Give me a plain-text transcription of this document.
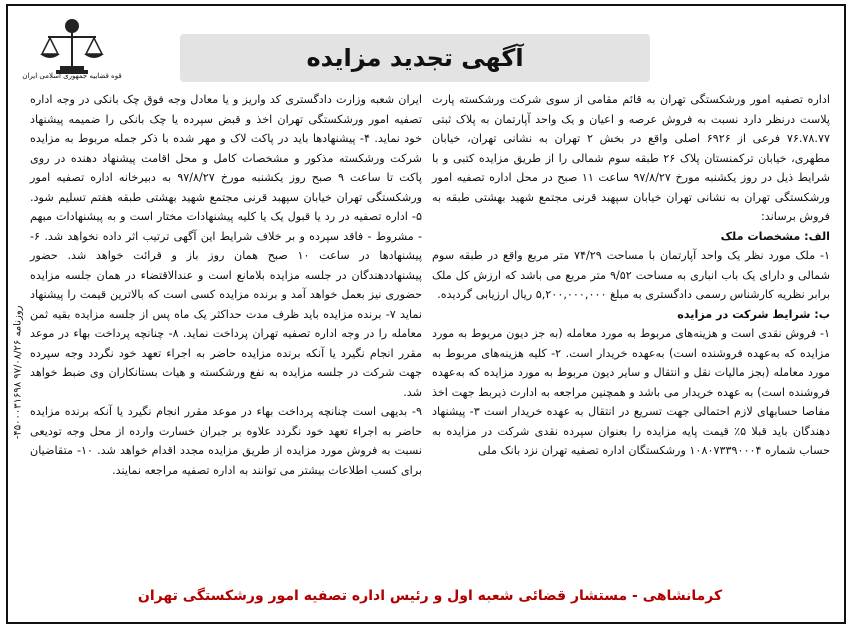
روزنامه ۹۷/۰۸/۲۶ ۴۵۰۰۰۳۱۶۹۸-
قوه قضاییه جمهوری اسلامی ایران
آگهی تجدید مزایده

اداره تصفیه امور ورشکستگی تهران به قائم مقامی از سوی شرکت ورشکسته پارت پلاست درنظر دارد نسبت به فروش عرصه و اعیان و یک واحد آپارتمان به پلاک ثبتی ۷۶.۷۸.۷۷ فرعی از ۶۹۲۶ اصلی واقع در بخش ۲ تهران به نشانی تهران، خیابان مطهری، خیابان ترکمنستان پلاک ۲۶ طبقه سوم شمالی را از طریق مزایده کتبی و با شرایط ذیل در روز یکشنبه مورخ ۹۷/۸/۲۷ ساعت ۱۱ صبح در محل اداره تصفیه امور ورشکستگی تهران به نشانی تهران خیابان سپهبد قرنی مجتمع شهید بهشتی طبقه به فروش برساند:

الف: مشخصات ملک

۱- ملک مورد نظر یک واحد آپارتمان با مساحت ۷۴/۲۹ متر مربع واقع در طبقه سوم شمالی و دارای یک باب انباری به مساحت ۹/۵۲ متر مربع می باشد که ارزش کل ملک برابر نظریه کارشناس رسمی دادگستری به مبلغ ۵,۲۰۰,۰۰۰,۰۰۰ ریال ارزیابی گردیده.

ب: شرایط شرکت در مزایده

۱- فروش نقدی است و هزینه‌های مربوط به مورد معامله (به جز دیون مربوط به مورد مزایده که به‌عهده فروشنده است) به‌عهده خریدار است. ۲- کلیه هزینه‌های مربوط به مورد معامله (بجز مالیات نقل و انتقال و سایر دیون مربوط به مورد مزایده که به‌عهده فروشنده است) به عهده خریدار می باشد و همچنین مراجعه به ادارت ذیربط جهت اخذ مفاصا حسابهای لازم احتمالی جهت تسریع در انتقال به عهده خریدار است ۳- پیشنهاد دهندگان باید قبلا ۵٪ قیمت پایه مزایده را بعنوان سپرده نقدی شرکت در مزایده به حساب شماره ۱۰۸۰۷۳۳۹۰۰۰۴ ورشکستگان اداره تصفیه تهران نزد بانک ملی

ایران شعبه وزارت دادگستری کد واریز و یا معادل وجه فوق چک بانکی در وجه اداره تصفیه امور ورشکستگی تهران اخذ و قبض سپرده یا چک بانکی را ضمیمه پیشنهاد خود نماید. ۴- پیشنهادها باید در پاکت لاک و مهر شده با ذکر جمله مربوط به مزایده شرکت ورشکسته مذکور و مشخصات کامل و محل اقامت پیشنهاد دهنده در روی پاکت تا ساعت ۹ صبح روز یکشنبه مورخ ۹۷/۸/۲۷ به دبیرخانه اداره تصفیه امور ورشکستگی تهران خیابان سپهبد قرنی مجتمع شهید بهشتی طبقه هفتم تسلیم شود. ۵- اداره تصفیه در رد یا قبول یک یا کلیه پیشنهادات مختار است و به پیشنهادات مبهم - مشروط - فاقد سپرده و بر خلاف شرایط این آگهی ترتیب اثر داده نخواهد شد. ۶- پیشنهادها در ساعت ۱۰ صبح همان روز باز و قرائت خواهد شد. حضور پیشنهاددهندگان در جلسه مزایده بلامانع است و عندالاقتضاء در همان جلسه مزایده حضوری نیز بعمل خواهد آمد و برنده مزایده کسی است که بالاترین قیمت را پیشنهاد نماید ۷- برنده مزایده باید ظرف مدت حداکثر یک ماه پس از جلسه مزایده بقیه ثمن معامله را در وجه اداره تصفیه تهران پرداخت نماید. ۸- چنانچه پرداخت بهاء در موعد مقرر انجام نگیرد یا آنکه برنده مزایده حاضر به اجراء تعهد خود نگردد وجه سپرده جهت شرکت در جلسه مزایده به نفع ورشکسته و هیات بستانکاران وی ضبط خواهد شد.

۹- بدیهی است چنانچه پرداخت بهاء در موعد مقرر انجام نگیرد یا آنکه برنده مزایده حاضر به اجراء تعهد خود نگردد علاوه بر جبران خسارت وارده از محل وجه تودیعی نسبت به فروش مورد مزایده از طریق مزایده مجدد اقدام خواهد شد. ۱۰- متقاضیان برای کسب اطلاعات بیشتر می توانند به اداره تصفیه مراجعه نمایند.

کرمانشاهی - مستشار قضائی شعبه اول و رئیس اداره تصفیه امور ورشکستگی تهران
